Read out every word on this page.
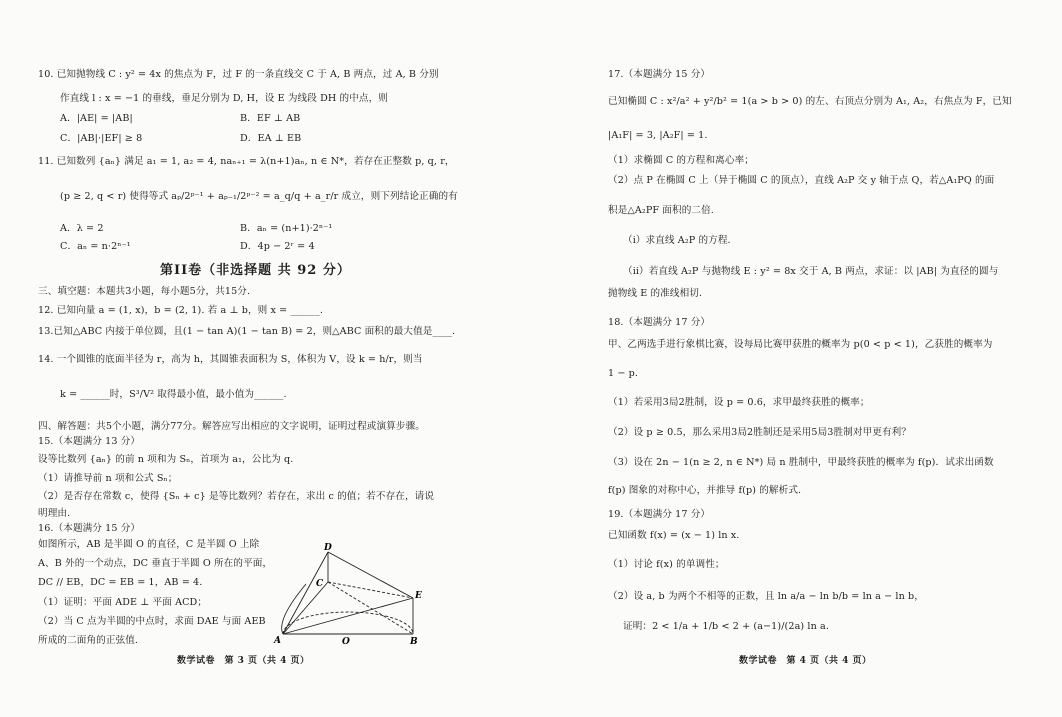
10. 已知抛物线 C : y² = 4x 的焦点为 F，过 F 的一条直线交 C 于 A, B 两点，过 A, B 分别
作直线 l : x = −1 的垂线，垂足分别为 D, H，设 E 为线段 DH 的中点，则
A．|AE| = |AB|	B．EF ⊥ AB
C．|AB|·|EF| ≥ 8	D．EA ⊥ EB
11. 已知数列 {aₙ} 满足 a₁ = 1, a₂ = 4, naₙ₊₁ = λ(n+1)aₙ, n ∈ N*，若存在正整数 p, q, r，
(p ≥ 2, q < r) 使得等式 aₚ/2ᵖ⁻¹ + aₚ₋₁/2ᵖ⁻² = a_q/q + a_r/r 成立，则下列结论正确的有
A．λ = 2	B．aₙ = (n+1)·2ⁿ⁻¹
C．aₙ = n·2ⁿ⁻¹	D．4p − 2ʳ = 4
第II卷（非选择题 共 92 分）
三、填空题：本题共3小题，每小题5分，共15分.
12. 已知向量 a = (1, x)，b = (2, 1). 若 a ⊥ b，则 x = ______.
13.已知△ABC 内接于单位圆，且(1 − tan A)(1 − tan B) = 2，则△ABC 面积的最大值是____.
14. 一个圆锥的底面半径为 r，高为 h，其圆锥表面积为 S，体积为 V，设 k = h/r，则当
k = ______时，S³/V² 取得最小值，最小值为______.
四、解答题：共5个小题，满分77分。解答应写出相应的文字说明，证明过程或演算步骤。
15.（本题满分 13 分）
设等比数列 {aₙ} 的前 n 项和为 Sₙ，首项为 a₁，公比为 q.
（1）请推导前 n 项和公式 Sₙ；
（2）是否存在常数 c，使得 {Sₙ + c} 是等比数列？若存在，求出 c 的值；若不存在，请说
明理由.
16.（本题满分 15 分）
如图所示，AB 是半圆 O 的直径，C 是半圆 O 上除
A、B 外的一个动点，DC 垂直于半圆 O 所在的平面，
DC // EB，DC = EB = 1，AB = 4.
（1）证明：平面 ADE ⊥ 平面 ACD；
（2）当 C 点为半圆的中点时，求面 DAE 与面 AEB
所成的二面角的正弦值.
D
C
E
A	B
O
数学试卷　第 3 页（共 4 页）
17.（本题满分 15 分）
已知椭圆 C : x²/a² + y²/b² = 1(a > b > 0) 的左、右顶点分别为 A₁, A₂，右焦点为 F，已知
|A₁F| = 3, |A₂F| = 1.
（1）求椭圆 C 的方程和离心率；
（2）点 P 在椭圆 C 上（异于椭圆 C 的顶点），直线 A₂P 交 y 轴于点 Q，若△A₁PQ 的面
积是△A₂PF 面积的二倍.
（i）求直线 A₂P 的方程.
（ii）若直线 A₂P 与抛物线 E : y² = 8x 交于 A, B 两点，求证：以 |AB| 为直径的圆与
抛物线 E 的准线相切.
18.（本题满分 17 分）
甲、乙两选手进行象棋比赛，设每局比赛甲获胜的概率为 p(0 < p < 1)，乙获胜的概率为
1 − p.
（1）若采用3局2胜制，设 p = 0.6，求甲最终获胜的概率；
（2）设 p ≥ 0.5，那么采用3局2胜制还是采用5局3胜制对甲更有利？
（3）设在 2n − 1(n ≥ 2, n ∈ N*) 局 n 胜制中，甲最终获胜的概率为 f(p)．试求出函数
f(p) 图象的对称中心，并推导 f(p) 的解析式.
19.（本题满分 17 分）
已知函数 f(x) = (x − 1) ln x.
（1）讨论 f(x) 的单调性；
（2）设 a, b 为两个不相等的正数，且 ln a/a − ln b/b = ln a − ln b，
证明：2 < 1/a + 1/b < 2 + (a−1)/(2a) ln a.
数学试卷　第 4 页（共 4 页）
